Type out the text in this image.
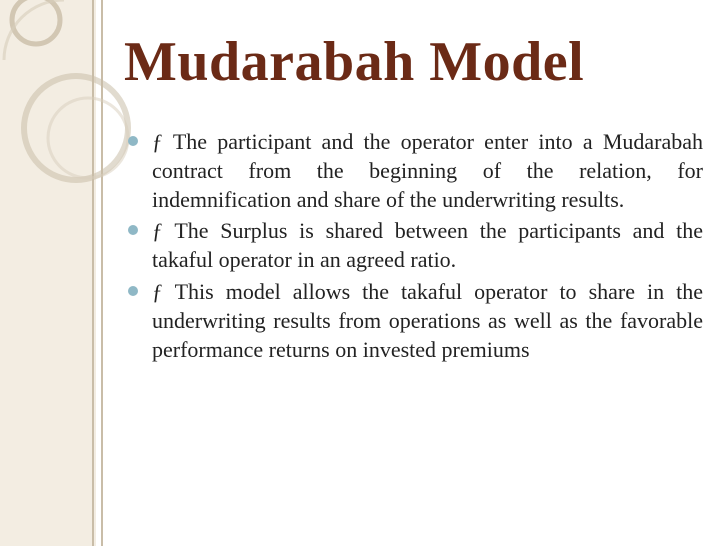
Mudarabah Model
ƒ The participant and the operator enter into a Mudarabah contract from the beginning of the relation, for indemnification and share of the underwriting results.
ƒ The Surplus is shared between the participants and the takaful operator in an agreed ratio.
ƒ This model allows the takaful operator to share in the underwriting results from operations as well as the favorable performance returns on invested premiums
